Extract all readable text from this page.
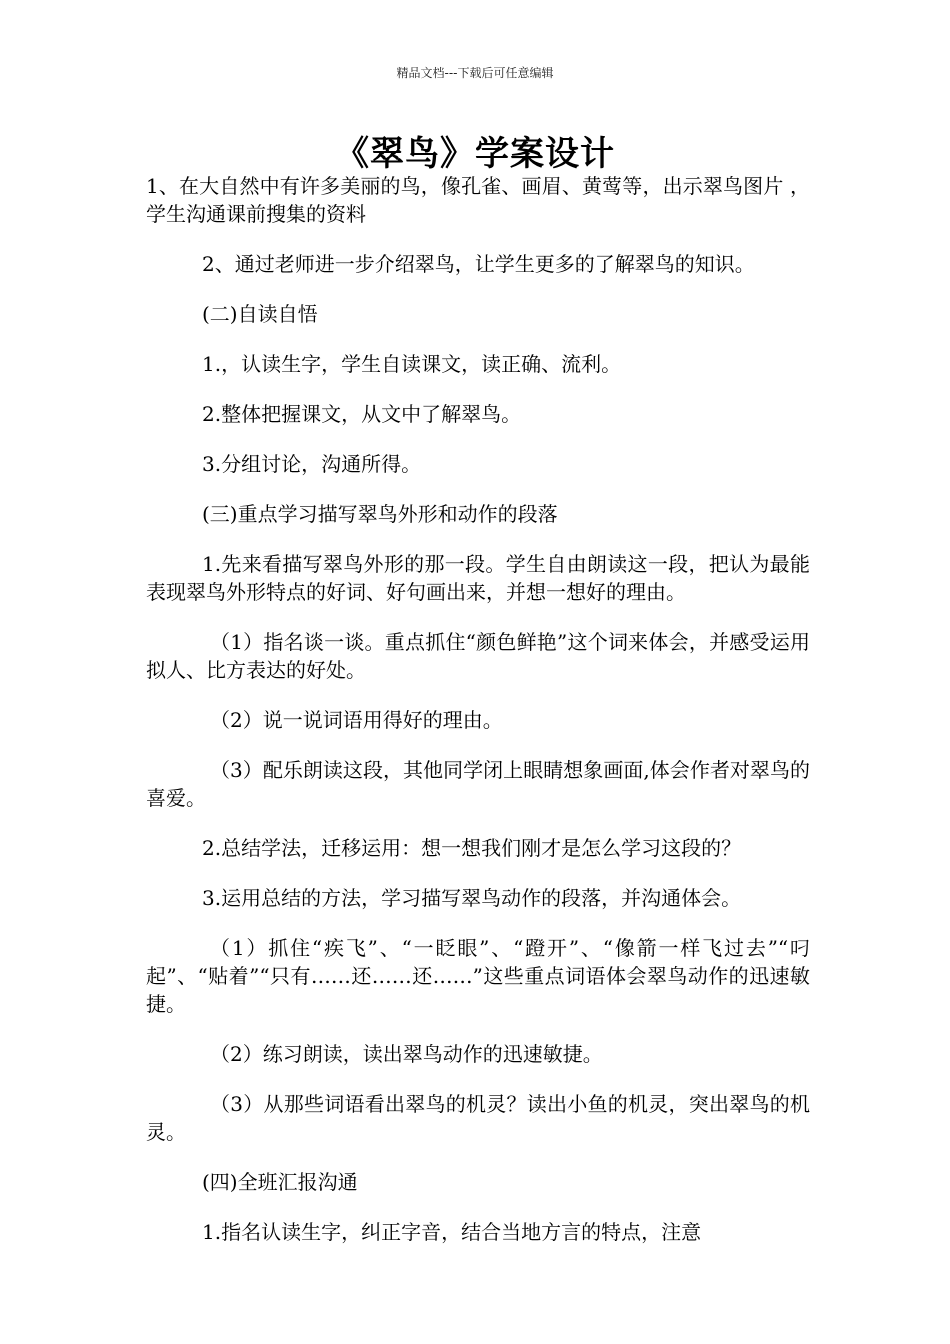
精品文档---下载后可任意编辑
《翠鸟》学案设计

1、在大自然中有许多美丽的鸟，像孔雀、画眉、黄莺等，出示翠鸟图片 ，学生沟通课前搜集的资料

2、通过老师进一步介绍翠鸟，让学生更多的了解翠鸟的知识。

(二)自读自悟

1.，认读生字，学生自读课文，读正确、流利。

2.整体把握课文，从文中了解翠鸟。

3.分组讨论，沟通所得。

(三)重点学习描写翠鸟外形和动作的段落

1.先来看描写翠鸟外形的那一段。学生自由朗读这一段，把认为最能表现翠鸟外形特点的好词、好句画出来，并想一想好的理由。

（1）指名谈一谈。重点抓住“颜色鲜艳”这个词来体会，并感受运用拟人、比方表达的好处。

（2）说一说词语用得好的理由。

（3）配乐朗读这段，其他同学闭上眼睛想象画面,体会作者对翠鸟的喜爱。

2.总结学法，迁移运用：想一想我们刚才是怎么学习这段的？

3.运用总结的方法，学习描写翠鸟动作的段落，并沟通体会。

（1）抓住“疾飞”、“一眨眼”、“蹬开”、“像箭一样飞过去”“叼起”、“贴着”“只有……还……还……”这些重点词语体会翠鸟动作的迅速敏捷。

（2）练习朗读，读出翠鸟动作的迅速敏捷。

（3）从那些词语看出翠鸟的机灵？读出小鱼的机灵，突出翠鸟的机灵。

(四)全班汇报沟通

1.指名认读生字，纠正字音，结合当地方言的特点，注意
